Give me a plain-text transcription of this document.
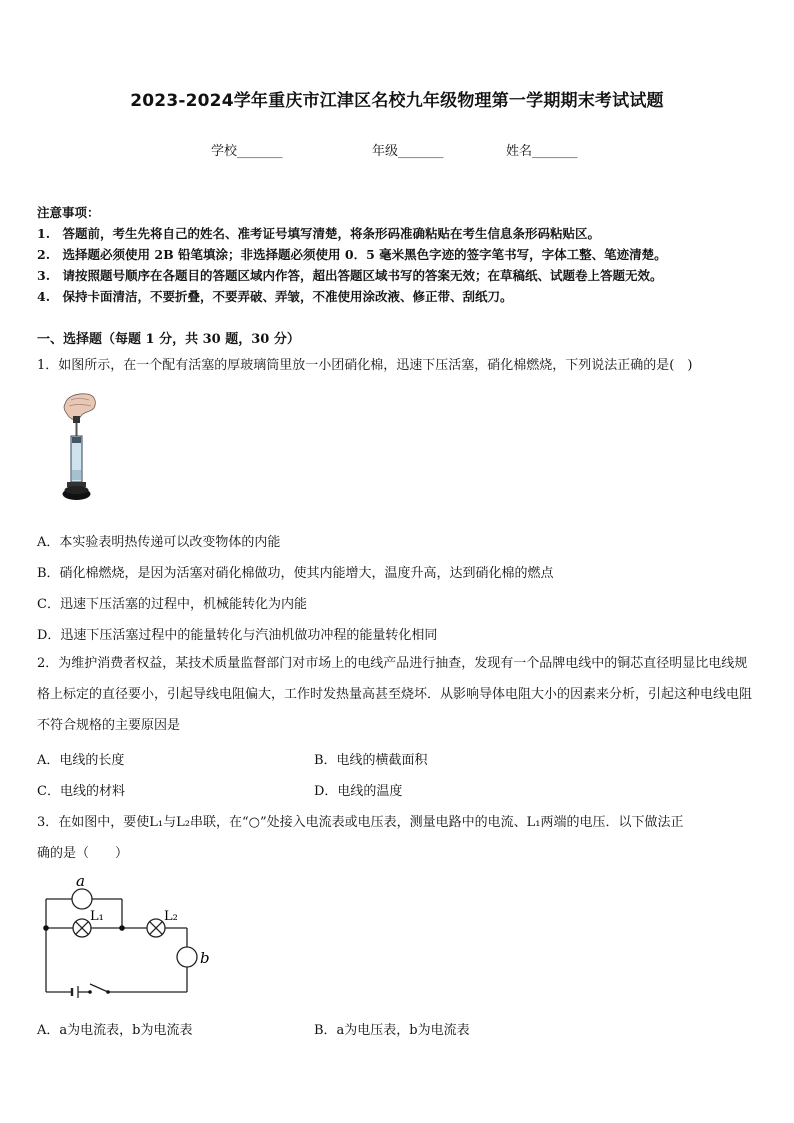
2023-2024学年重庆市江津区名校九年级物理第一学期期末考试试题
学校_______	年级_______	姓名_______
注意事项：
1.　答题前，考生先将自己的姓名、准考证号填写清楚，将条形码准确粘贴在考生信息条形码粘贴区。
2.　选择题必须使用 2B 铅笔填涂；非选择题必须使用 0．5 毫米黑色字迹的签字笔书写，字体工整、笔迹清楚。
3.　请按照题号顺序在各题目的答题区域内作答，超出答题区域书写的答案无效；在草稿纸、试题卷上答题无效。
4.　保持卡面清洁，不要折叠，不要弄破、弄皱，不准使用涂改液、修正带、刮纸刀。
一、选择题（每题 1 分，共 30 题，30 分）
1．如图所示，在一个配有活塞的厚玻璃筒里放一小团硝化棉，迅速下压活塞，硝化棉燃烧，下列说法正确的是(　)
A．本实验表明热传递可以改变物体的内能
B．硝化棉燃烧，是因为活塞对硝化棉做功，使其内能增大，温度升高，达到硝化棉的燃点
C．迅速下压活塞的过程中，机械能转化为内能
D．迅速下压活塞过程中的能量转化与汽油机做功冲程的能量转化相同
2．为维护消费者权益，某技术质量监督部门对市场上的电线产品进行抽查，发现有一个品牌电线中的铜芯直径明显比电线规格上标定的直径要小，引起导线电阻偏大，工作时发热量高甚至烧坏．从影响导体电阻大小的因素来分析，引起这种电线电阻不符合规格的主要原因是
A．电线的长度	B．电线的横截面积
C．电线的材料	D．电线的温度
3．在如图中，要使L₁与L₂串联，在“○”处接入电流表或电压表，测量电路中的电流、L₁两端的电压．以下做法正
确的是（　　）
a
L₁	L₂
b
A．a为电流表，b为电流表	B．a为电压表，b为电流表
